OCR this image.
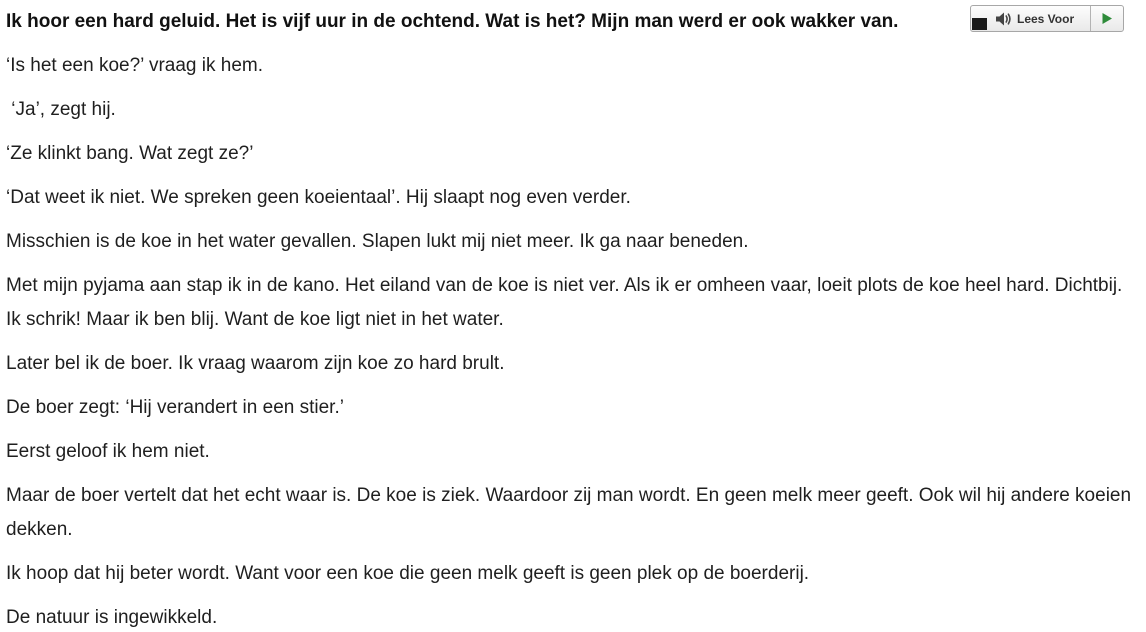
Ik hoor een hard geluid. Het is vijf uur in de ochtend. Wat is het? Mijn man werd er ook wakker van.	Lees Voor

‘Is het een koe?’ vraag ik hem.

‘Ja’, zegt hij.

‘Ze klinkt bang. Wat zegt ze?’

‘Dat weet ik niet. We spreken geen koeientaal’. Hij slaapt nog even verder.

Misschien is de koe in het water gevallen. Slapen lukt mij niet meer. Ik ga naar beneden.

Met mijn pyjama aan stap ik in de kano. Het eiland van de koe is niet ver. Als ik er omheen vaar, loeit plots de koe heel hard. Dichtbij. Ik schrik! Maar ik ben blij. Want de koe ligt niet in het water.

Later bel ik de boer. Ik vraag waarom zijn koe zo hard brult.

De boer zegt: ‘Hij verandert in een stier.’

Eerst geloof ik hem niet.

Maar de boer vertelt dat het echt waar is. De koe is ziek. Waardoor zij man wordt. En geen melk meer geeft. Ook wil hij andere koeien dekken.

Ik hoop dat hij beter wordt. Want voor een koe die geen melk geeft is geen plek op de boerderij.

De natuur is ingewikkeld.
